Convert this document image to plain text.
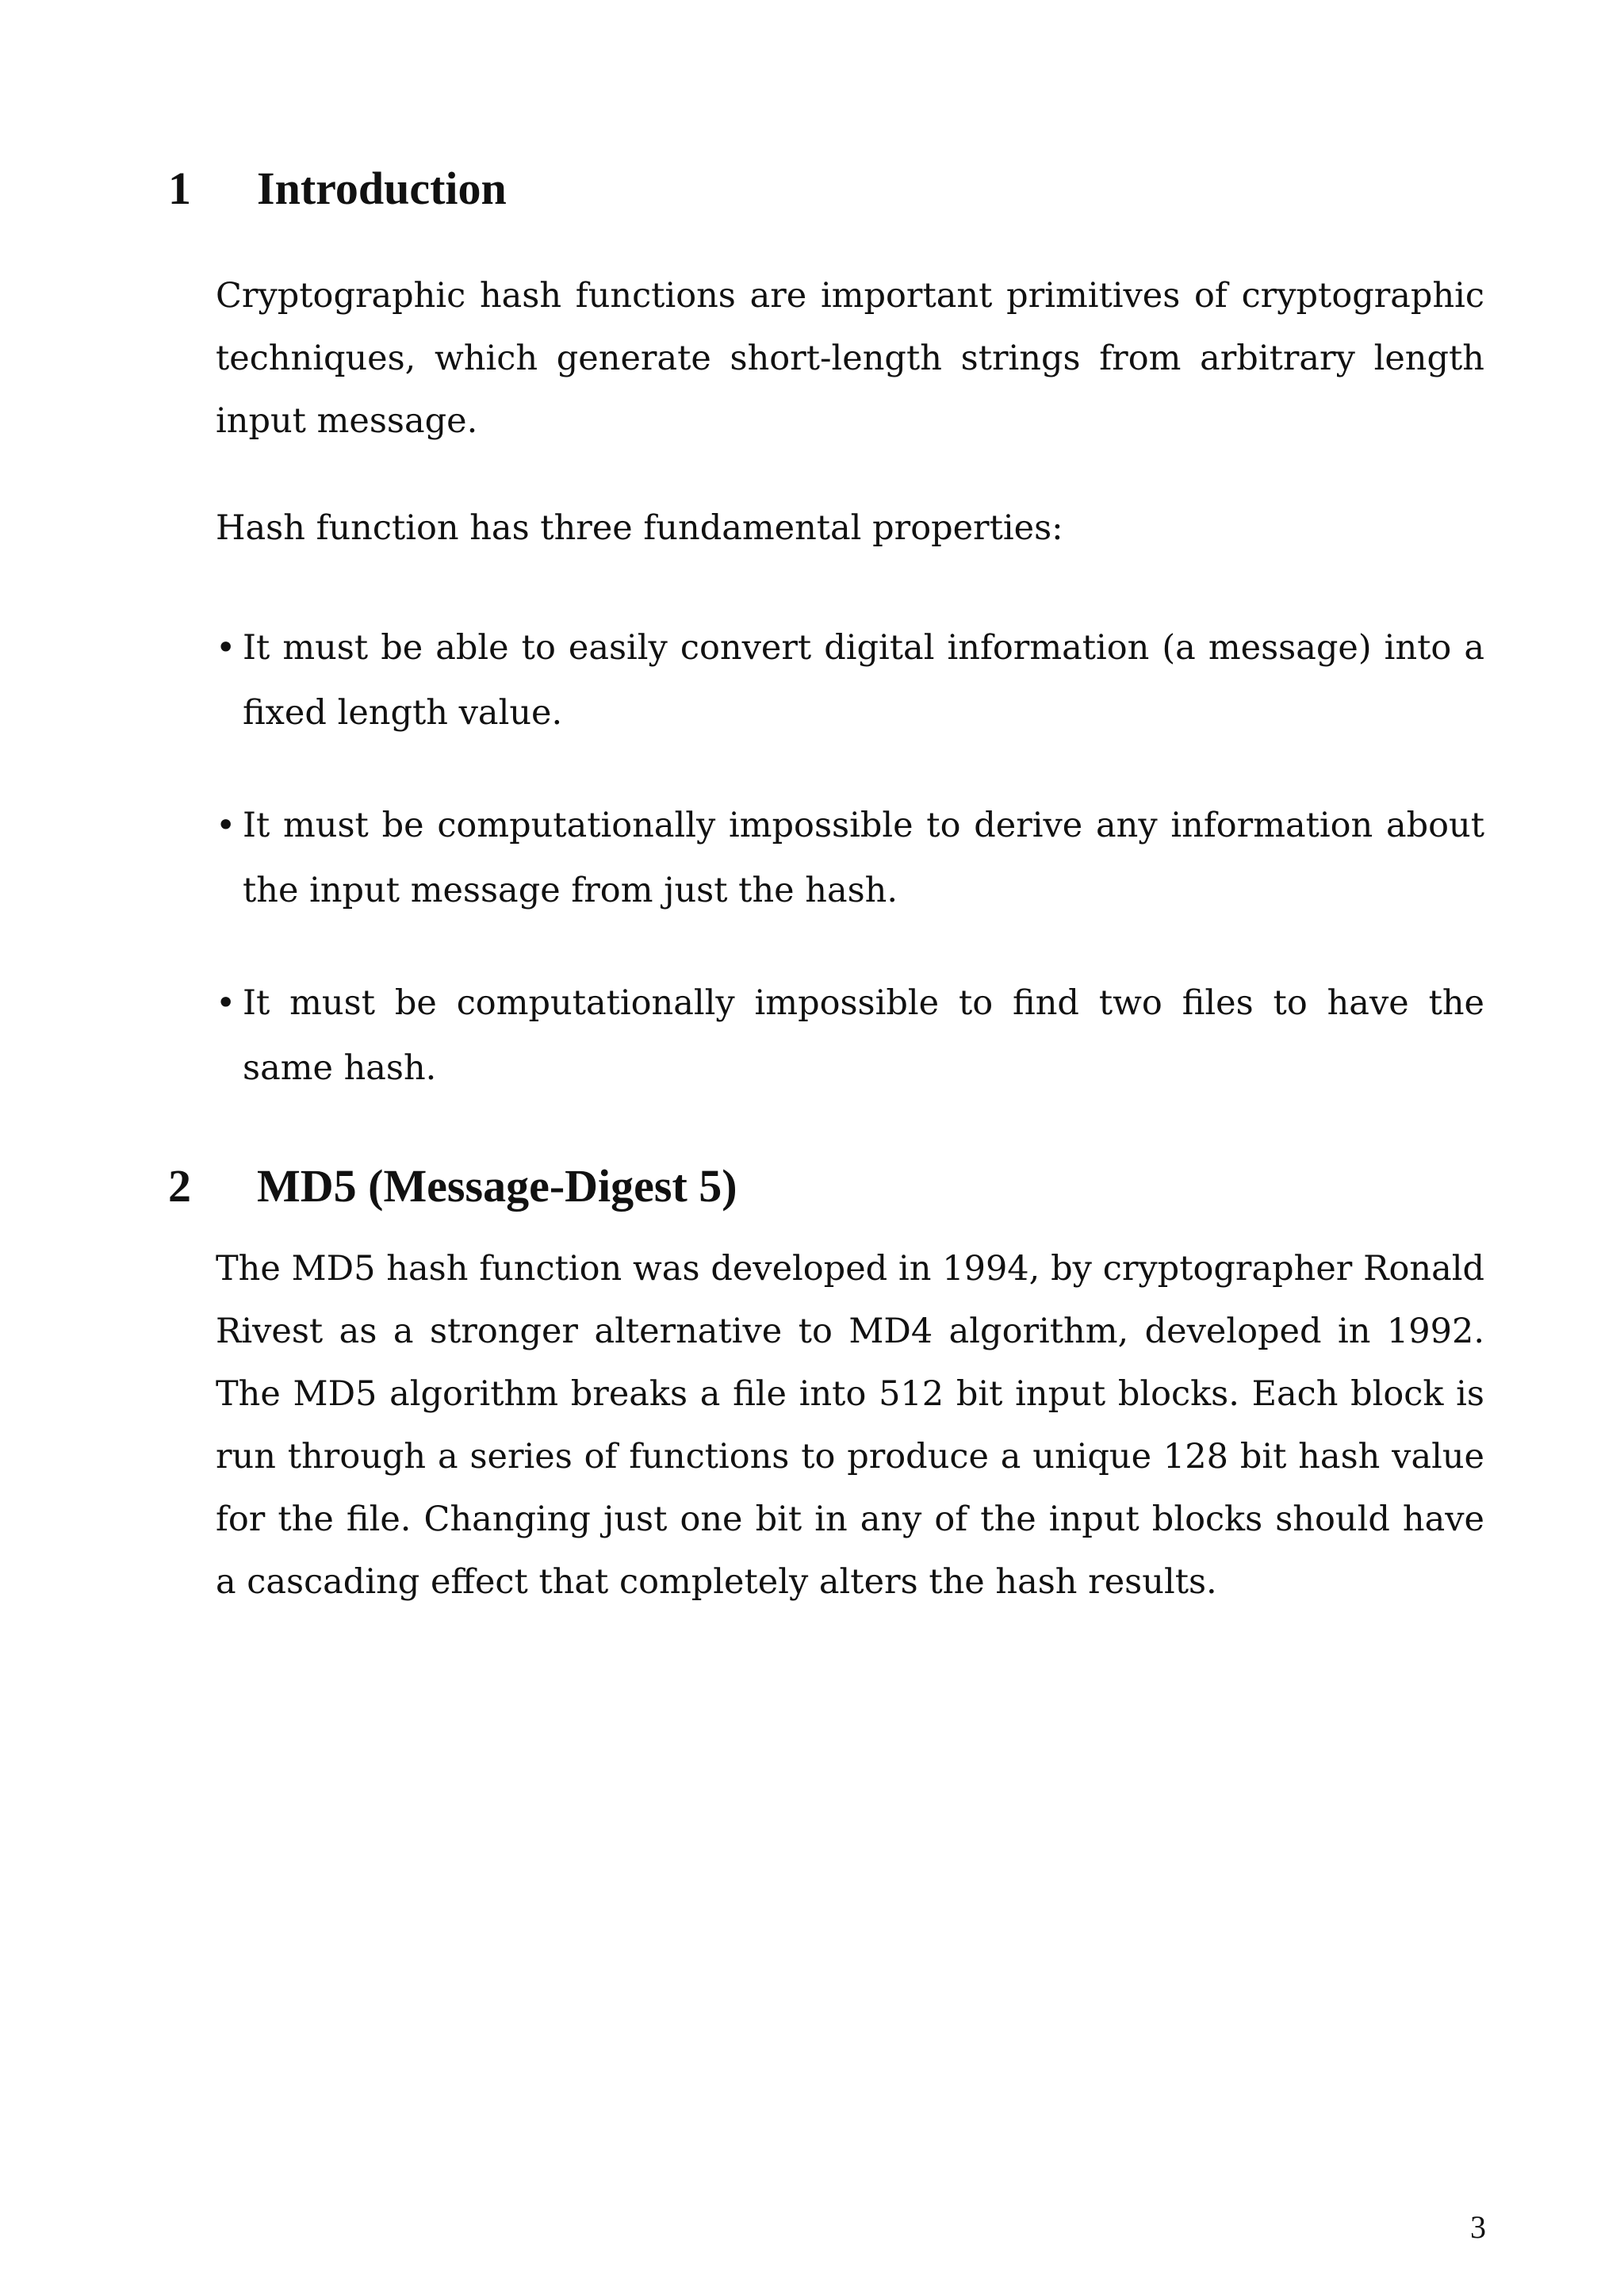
1 Introduction

Cryptographic hash functions are important primitives of cryptographic techniques, which generate short-length strings from arbitrary length input message.

Hash function has three fundamental properties:

• It must be able to easily convert digital information (a message) into a fixed length value.
• It must be computationally impossible to derive any information about the input message from just the hash.
• It must be computationally impossible to find two files to have the same hash.
2 MD5 (Message-Digest 5)

The MD5 hash function was developed in 1994, by cryptographer Ronald Rivest as a stronger alternative to MD4 algorithm, developed in 1992. The MD5 algorithm breaks a file into 512 bit input blocks. Each block is run through a series of functions to produce a unique 128 bit hash value for the file. Changing just one bit in any of the input blocks should have a cascading effect that completely alters the hash results.

3
